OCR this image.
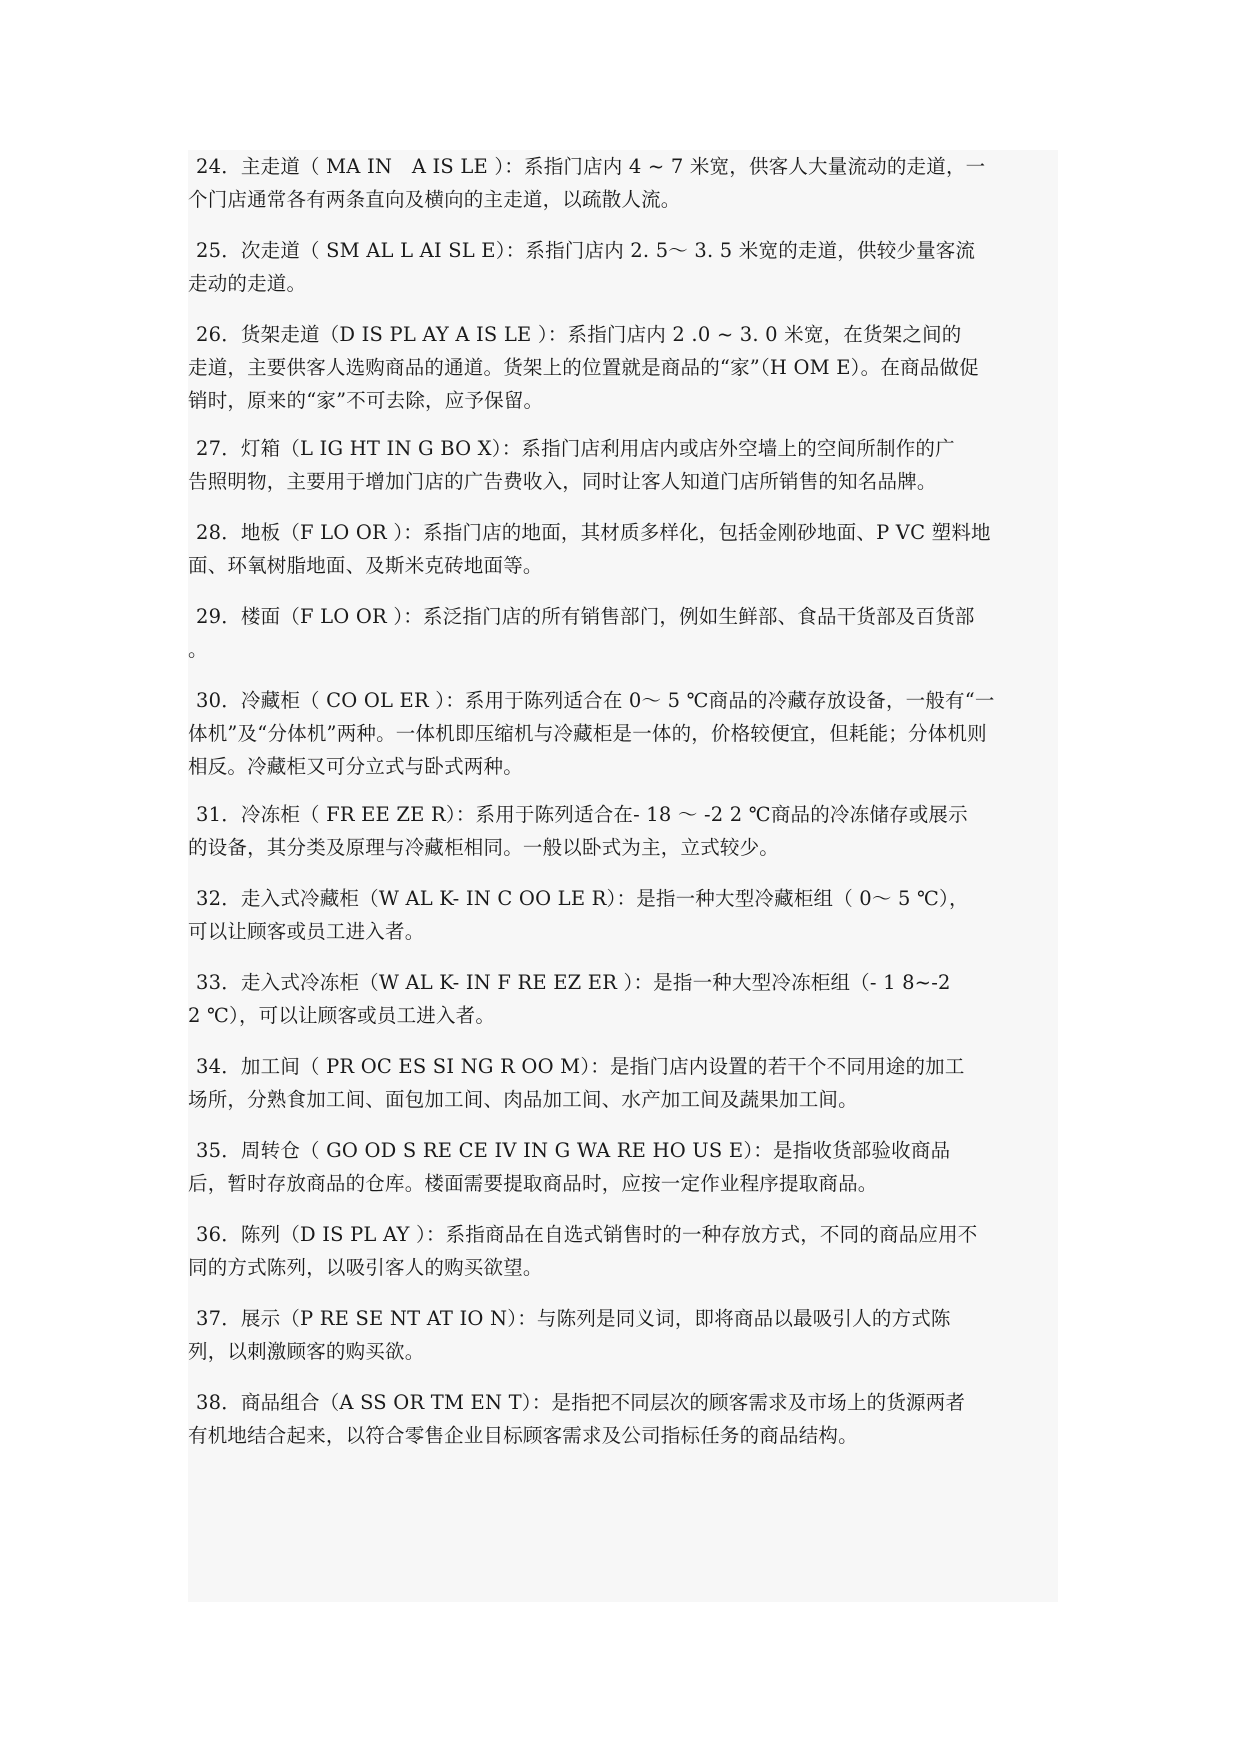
24．主走道（ MA IN　A IS LE ）：系指门店内 4 ~ 7 米宽，供客人大量流动的走道，一
个门店通常各有两条直向及横向的主走道，以疏散人流。
25．次走道（ SM AL L AI SL E）：系指门店内 2. 5～ 3. 5 米宽的走道，供较少量客流
走动的走道。
26．货架走道（D IS PL AY A IS LE ）：系指门店内 2 .0 ~ 3. 0 米宽，在货架之间的
走道，主要供客人选购商品的通道。货架上的位置就是商品的“家”（H OM E）。在商品做促
销时，原来的“家”不可去除，应予保留。
27．灯箱（L IG HT IN G BO X）：系指门店利用店内或店外空墙上的空间所制作的广
告照明物，主要用于增加门店的广告费收入，同时让客人知道门店所销售的知名品牌。
28．地板（F LO OR ）：系指门店的地面，其材质多样化，包括金刚砂地面、P VC 塑料地
面、环氧树脂地面、及斯米克砖地面等。
29．楼面（F LO OR ）：系泛指门店的所有销售部门，例如生鲜部、食品干货部及百货部
。
30．冷藏柜（ CO OL ER ）：系用于陈列适合在 0～ 5 ℃商品的冷藏存放设备，一般有“一
体机”及“分体机”两种。一体机即压缩机与冷藏柜是一体的，价格较便宜，但耗能；分体机则
相反。冷藏柜又可分立式与卧式两种。
31．冷冻柜（ FR EE ZE R）：系用于陈列适合在- 18 ～ -2 2 ℃商品的冷冻储存或展示
的设备，其分类及原理与冷藏柜相同。一般以卧式为主，立式较少。
32．走入式冷藏柜（W AL K- IN C OO LE R）：是指一种大型冷藏柜组（ 0～ 5 ℃），
可以让顾客或员工进入者。
33．走入式冷冻柜（W AL K- IN F RE EZ ER ）：是指一种大型冷冻柜组（- 1 8~-2
2 ℃），可以让顾客或员工进入者。
34．加工间（ PR OC ES SI NG R OO M）：是指门店内设置的若干个不同用途的加工
场所，分熟食加工间、面包加工间、肉品加工间、水产加工间及蔬果加工间。
35．周转仓（ GO OD S RE CE IV IN G WA RE HO US E）：是指收货部验收商品
后，暂时存放商品的仓库。楼面需要提取商品时，应按一定作业程序提取商品。
36．陈列（D IS PL AY ）：系指商品在自选式销售时的一种存放方式，不同的商品应用不
同的方式陈列，以吸引客人的购买欲望。
37．展示（P RE SE NT AT IO N）：与陈列是同义词，即将商品以最吸引人的方式陈
列，以刺激顾客的购买欲。
38．商品组合（A SS OR TM EN T）：是指把不同层次的顾客需求及市场上的货源两者
有机地结合起来，以符合零售企业目标顾客需求及公司指标任务的商品结构。
